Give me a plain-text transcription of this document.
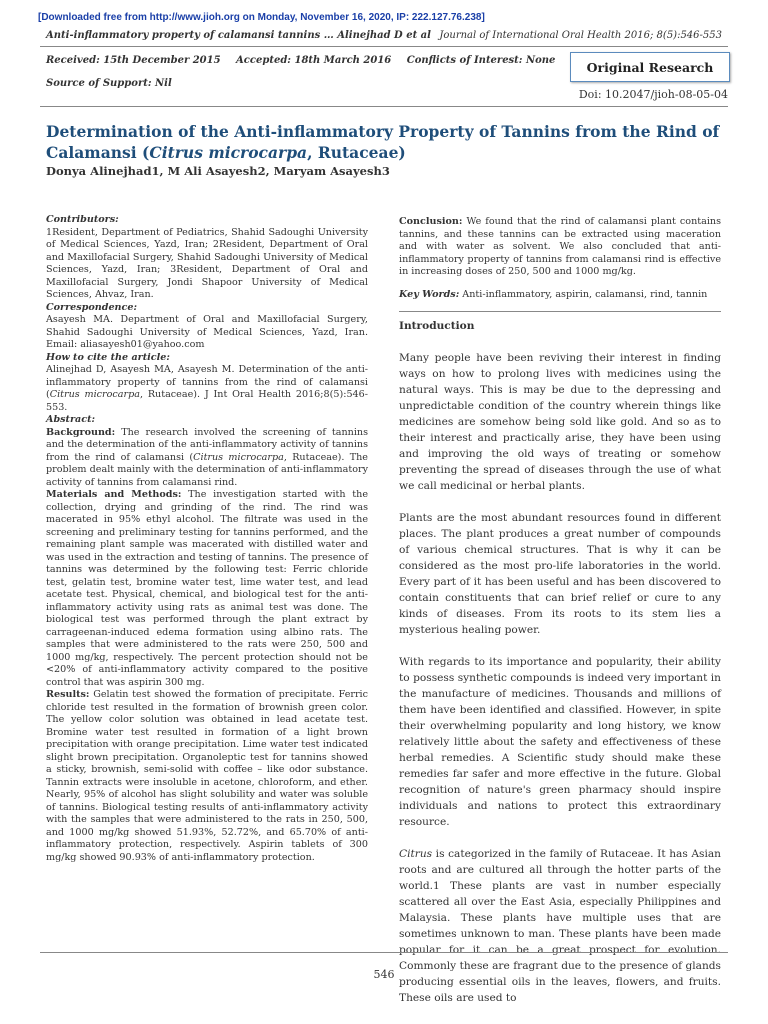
[Downloaded free from http://www.jioh.org on Monday, November 16, 2020, IP: 222.127.76.238]
Anti-inflammatory property of calamansi tannins … Alinejhad D et al Journal of International Oral Health 2016; 8(5):546-553
Received: 15th December 2015 Accepted: 18th March 2016 Conflicts of Interest: None
Source of Support: Nil
Original Research
Doi: 10.2047/jioh-08-05-04
Determination of the Anti-inflammatory Property of Tannins from the Rind of Calamansi (Citrus microcarpa, Rutaceae)
Donya Alinejhad1, M Ali Asayesh2, Maryam Asayesh3

Contributors:

1Resident, Department of Pediatrics, Shahid Sadoughi University of Medical Sciences, Yazd, Iran; 2Resident, Department of Oral and Maxillofacial Surgery, Shahid Sadoughi University of Medical Sciences, Yazd, Iran; 3Resident, Department of Oral and Maxillofacial Surgery, Jondi Shapoor University of Medical Sciences, Ahvaz, Iran.

Correspondence:

Asayesh MA. Department of Oral and Maxillofacial Surgery, Shahid Sadoughi University of Medical Sciences, Yazd, Iran. Email: aliasayesh01@yahoo.com

How to cite the article:

Alinejhad D, Asayesh MA, Asayesh M. Determination of the anti-inflammatory property of tannins from the rind of calamansi (Citrus microcarpa, Rutaceae). J Int Oral Health 2016;8(5):546-553.

Abstract:

Background: The research involved the screening of tannins and the determination of the anti-inflammatory activity of tannins from the rind of calamansi (Citrus microcarpa, Rutaceae). The problem dealt mainly with the determination of anti-inflammatory activity of tannins from calamansi rind.

Materials and Methods: The investigation started with the collection, drying and grinding of the rind. The rind was macerated in 95% ethyl alcohol. The filtrate was used in the screening and preliminary testing for tannins performed, and the remaining plant sample was macerated with distilled water and was used in the extraction and testing of tannins. The presence of tannins was determined by the following test: Ferric chloride test, gelatin test, bromine water test, lime water test, and lead acetate test. Physical, chemical, and biological test for the anti-inflammatory activity using rats as animal test was done. The biological test was performed through the plant extract by carrageenan-induced edema formation using albino rats. The samples that were administered to the rats were 250, 500 and 1000 mg/kg, respectively. The percent protection should not be <20% of anti-inflammatory activity compared to the positive control that was aspirin 300 mg.

Results: Gelatin test showed the formation of precipitate. Ferric chloride test resulted in the formation of brownish green color. The yellow color solution was obtained in lead acetate test. Bromine water test resulted in formation of a light brown precipitation with orange precipitation. Lime water test indicated slight brown precipitation. Organoleptic test for tannins showed a sticky, brownish, semi-solid with coffee – like odor substance. Tannin extracts were insoluble in acetone, chloroform, and ether. Nearly, 95% of alcohol has slight solubility and water was soluble of tannins. Biological testing results of anti-inflammatory activity with the samples that were administered to the rats in 250, 500, and 1000 mg/kg showed 51.93%, 52.72%, and 65.70% of anti-inflammatory protection, respectively. Aspirin tablets of 300 mg/kg showed 90.93% of anti-inflammatory protection.

Conclusion: We found that the rind of calamansi plant contains tannins, and these tannins can be extracted using maceration and with water as solvent. We also concluded that anti-inflammatory property of tannins from calamansi rind is effective in increasing doses of 250, 500 and 1000 mg/kg.

Key Words: Anti-inflammatory, aspirin, calamansi, rind, tannin

Introduction

Many people have been reviving their interest in finding ways on how to prolong lives with medicines using the natural ways. This is may be due to the depressing and unpredictable condition of the country wherein things like medicines are somehow being sold like gold. And so as to their interest and practically arise, they have been using and improving the old ways of treating or somehow preventing the spread of diseases through the use of what we call medicinal or herbal plants.

Plants are the most abundant resources found in different places. The plant produces a great number of compounds of various chemical structures. That is why it can be considered as the most pro-life laboratories in the world. Every part of it has been useful and has been discovered to contain constituents that can brief relief or cure to any kinds of diseases. From its roots to its stem lies a mysterious healing power.

With regards to its importance and popularity, their ability to possess synthetic compounds is indeed very important in the manufacture of medicines. Thousands and millions of them have been identified and classified. However, in spite their overwhelming popularity and long history, we know relatively little about the safety and effectiveness of these herbal remedies. A Scientific study should make these remedies far safer and more effective in the future. Global recognition of nature's green pharmacy should inspire individuals and nations to protect this extraordinary resource.

Citrus is categorized in the family of Rutaceae. It has Asian roots and are cultured all through the hotter parts of the world.1 These plants are vast in number especially scattered all over the East Asia, especially Philippines and Malaysia. These plants have multiple uses that are sometimes unknown to man. These plants have been made popular for it can be a great prospect for evolution. Commonly these are fragrant due to the presence of glands producing essential oils in the leaves, flowers, and fruits. These oils are used to

546
